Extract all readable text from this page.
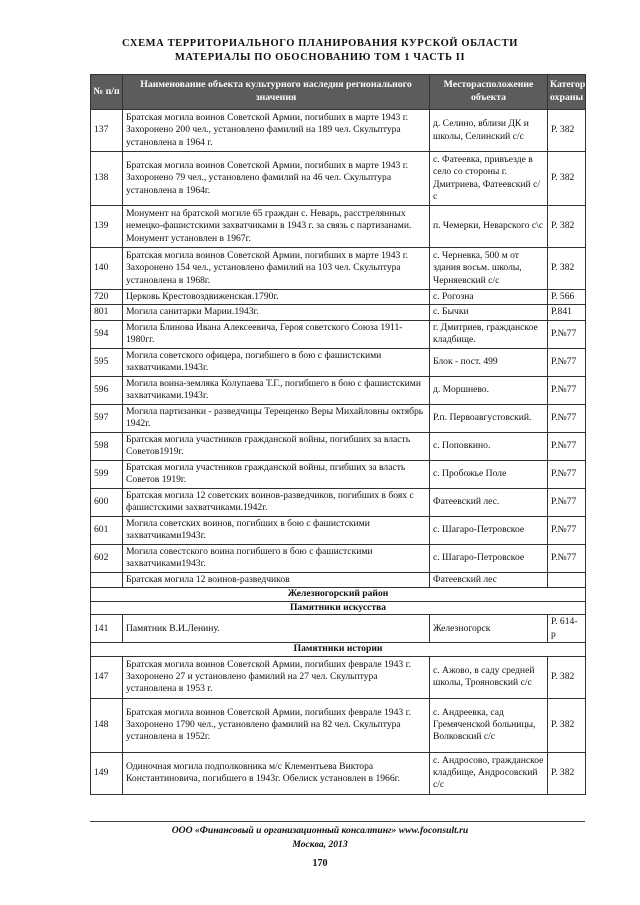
СХЕМА ТЕРРИТОРИАЛЬНОГО ПЛАНИРОВАНИЯ КУРСКОЙ ОБЛАСТИ
МАТЕРИАЛЫ ПО ОБОСНОВАНИЮ ТОМ 1 ЧАСТЬ II
№ п/п	Наименование объекта культурного наследия регионального значения	Месторасположение объекта	Категория охраны
137	Братская могила воинов Советской Армии, погибших в марте 1943 г. Захоронено 200 чел., установлено фамилий на 189 чел. Скульптура установлена в 1964 г.	д. Селино, вблизи ДК и школы, Селинский с/с	Р. 382
138	Братская могила воинов Советской Армии, погибших в марте 1943 г. Захоронено 79 чел., установлено фамилий на 46 чел. Скульптура установлена в 1964г.	с. Фатеевка, привъезде в село со стороны г. Дмитриева, Фатеевский с/с	Р. 382
139	Монумент на братской могиле 65 граждан с. Неварь, расстрелянных немецко-фашистскими захватчиками в 1943 г. за связь с партизанами. Монумент установлен в 1967г.	п. Чемерки, Неварского с\с	Р. 382
140	Братская могила воинов Советской Армии, погибших в марте 1943 г. Захоронено 154 чел., установлено фамилий на 103 чел. Скульптура установлена в 1968г.	с. Черневка, 500 м от здания восьм. школы, Черняевский с/с	Р. 382
720	Церковь Крестовоздвиженская.1790г.	с. Рогозна	Р. 566
801	Могила санитарки Марии.1943г.	с. Бычки	Р.841
594	Могила Блинова Ивана Алексеевича, Героя советского Союза 1911-1980гг.	г. Дмитриев, гражданское кладбище.	Р.№77
595	Могила советского офицера, погибшего в бою с фашистскими захватчиками.1943г.	Блок - пост. 499	Р.№77
596	Могила воина-земляка Колупаева Т.Г., погибшего в бою с фашистскими захватчиками.1943г.	д. Моршнево.	Р.№77
597	Могила партизанки - разведчицы Терещенко Веры Михайловны октябрь 1942г.	Р.п. Первоавгустовский.	Р.№77
598	Братская могила участников гражданской войны, погибших за власть Советов1919г.	с. Поповкино.	Р.№77
599	Братская могила участников гражданской войны, пгибших за власть Советов 1919г.	с. Пробожье Поле	Р.№77
600	Братская могила 12 советских воинов-разведчиков, погибших в боях с фашистскими захватчиками.1942г.	Фатеевский лес.	Р.№77
601	Могила советских воинов, погибших в бою с фашистскими захватчиками1943г.	с. Шагаро-Петровское	Р.№77
602	Могила совестского воина погибшего в бою с фашистскими захватчиками1943г.	с. Шагаро-Петровское	Р.№77
	Братская могила 12 воинов-разведчиков	Фатеевский лес	
Железногорский район			
Памятники искусства			
141	Памятник В.И.Ленину.	Железногорск	Р. 614-р
Памятники истории			
147	Братская могила воинов Советской Армии, погибших феврале 1943 г. Захоронено 27 и установлено фамилий на 27 чел. Скульптура установлена в 1953 г.	с. Ажово, в саду средней школы, Трояновский с/с	Р. 382
148	Братская могила воинов Советской Армии, погибших феврале 1943 г. Захоронено 1790 чел., установлено фамилий на 82 чел. Скульптура установлена в 1952г.	с. Андреевка, сад Гремяченской больницы, Волковский с/с	Р. 382
149	Одиночная могила подполковника м/с Клементьева Виктора Константиновича, погибшего в 1943г. Обелиск установлен в 1966г.	с. Андросово, гражданское кладбище, Андросовский с/с	Р. 382
ООО «Финансовый и организационный консалтинг» www.foconsult.ru
Москва, 2013
170
